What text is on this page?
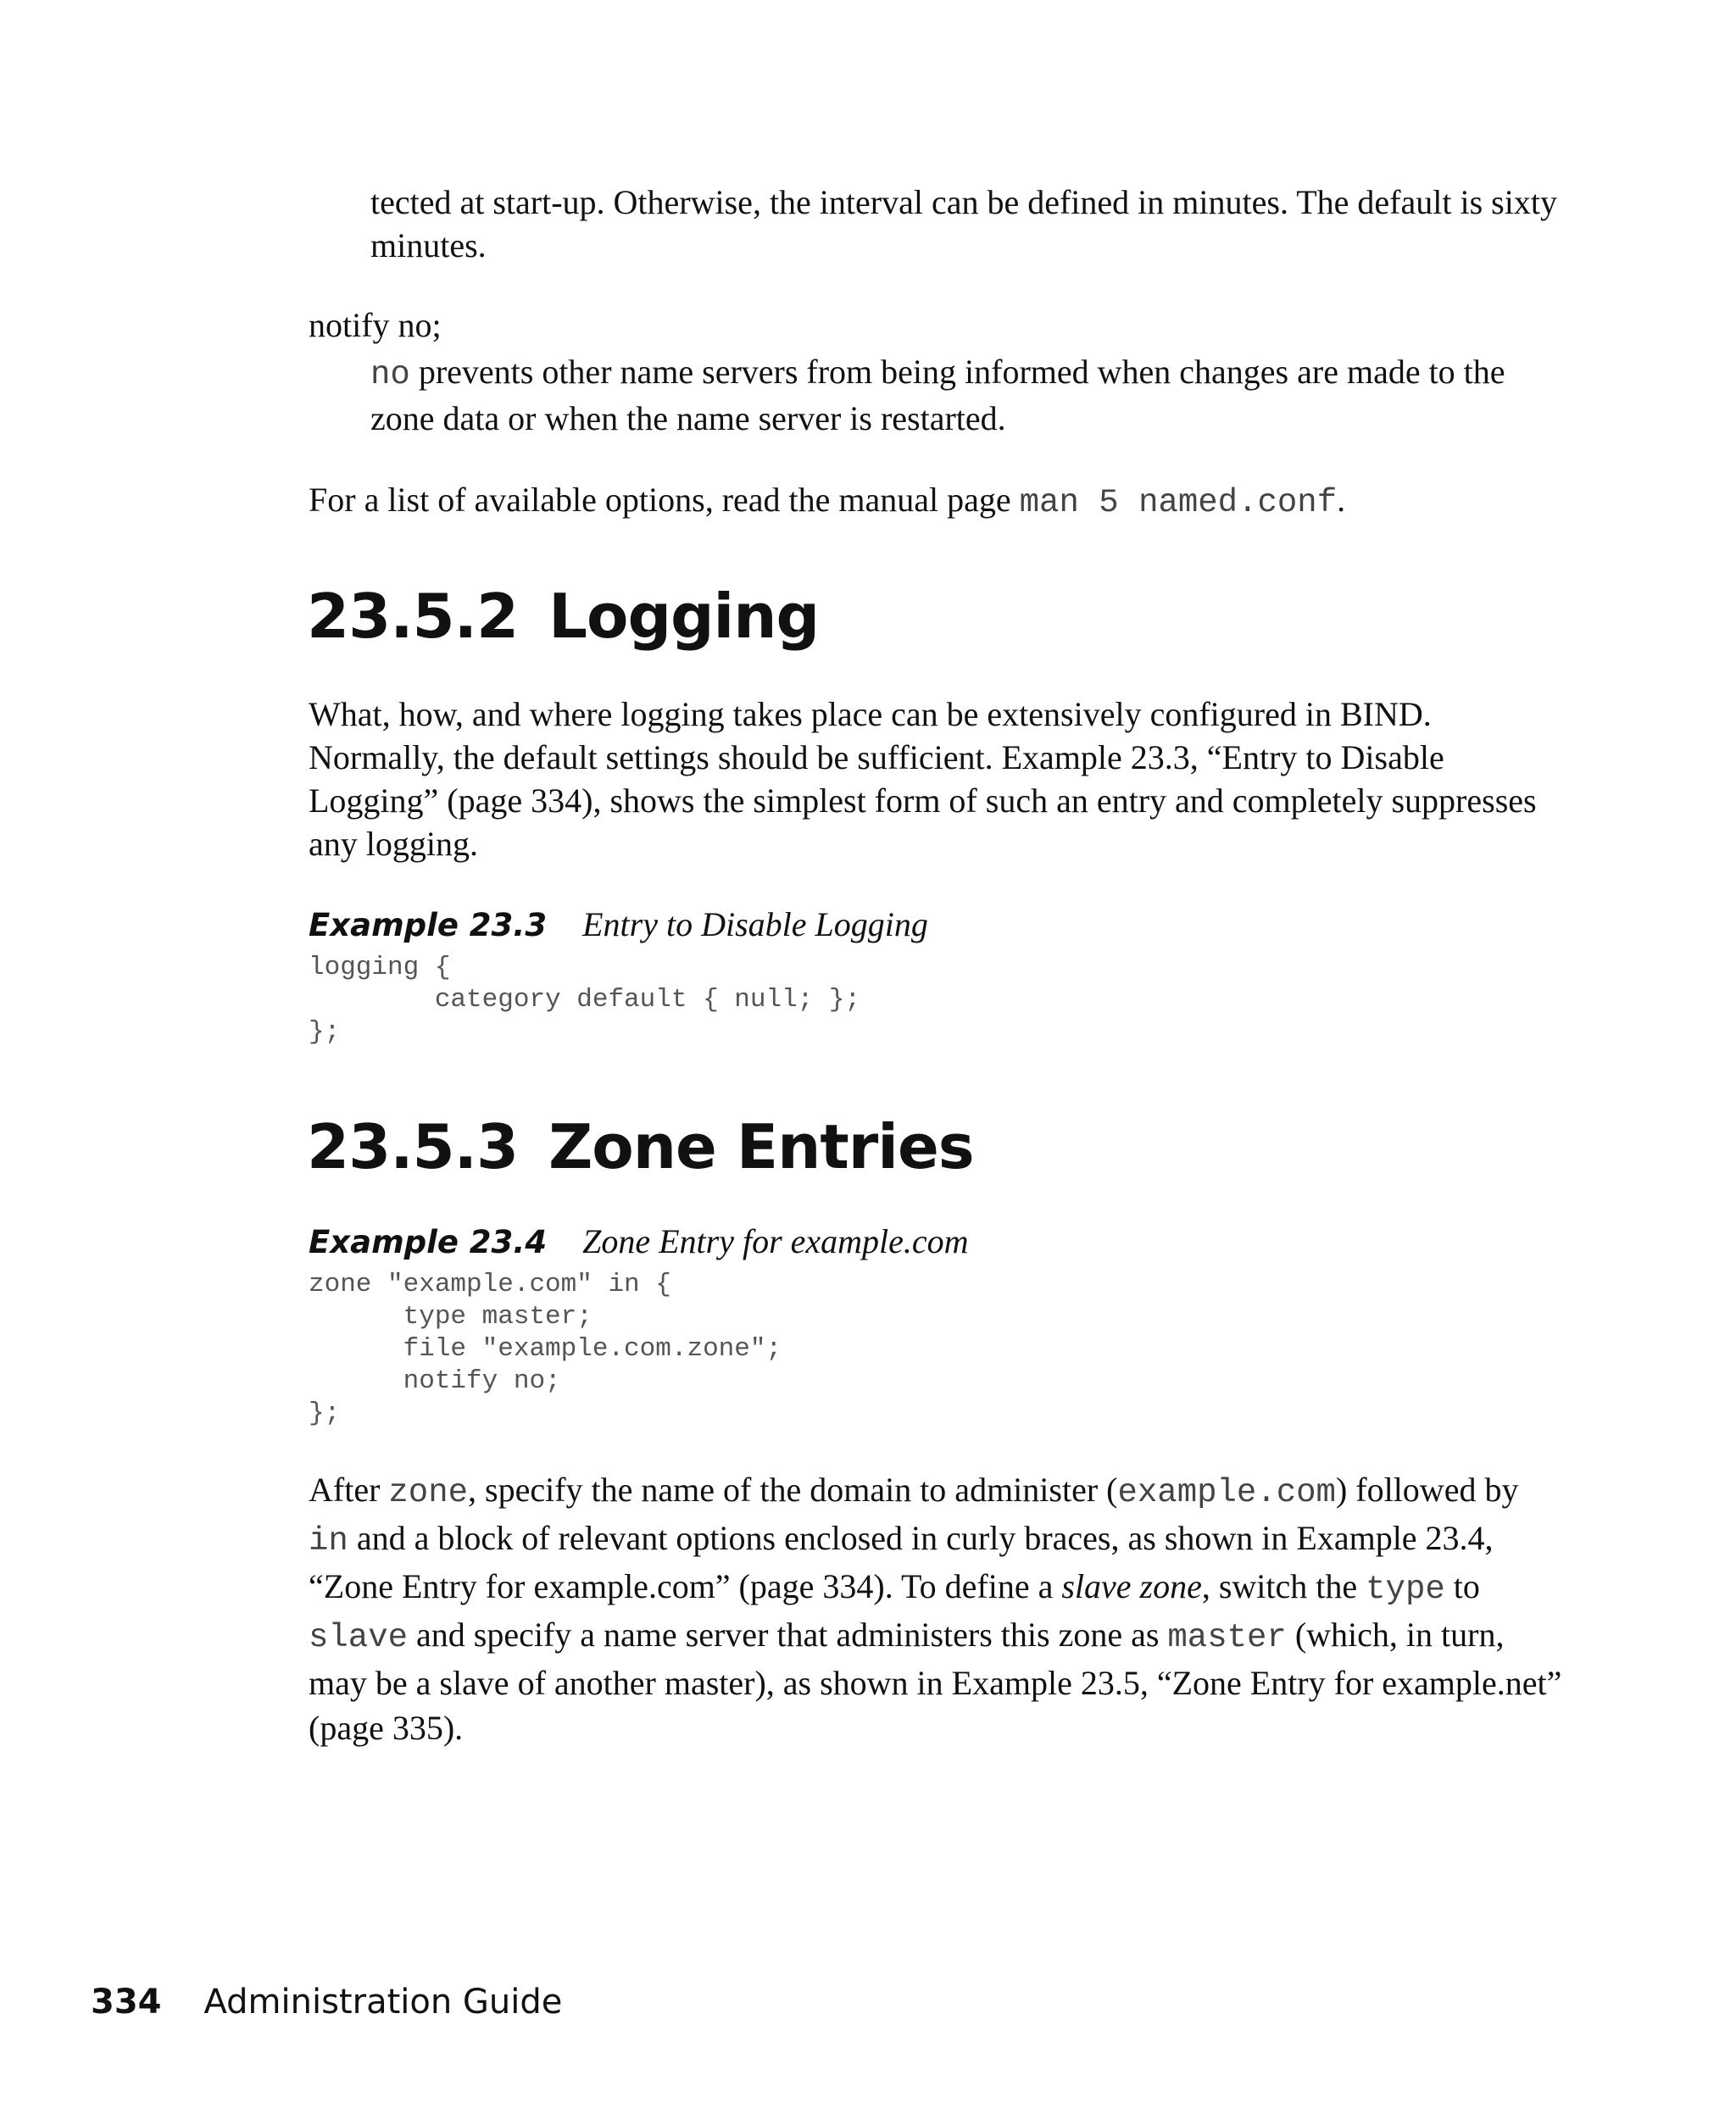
tected at start-up. Otherwise, the interval can be defined in minutes. The default is sixty minutes.

notify no;

no prevents other name servers from being informed when changes are made to the zone data or when the name server is restarted.

For a list of available options, read the manual page man 5 named.conf.

23.5.2 Logging

What, how, and where logging takes place can be extensively configured in BIND. Normally, the default settings should be sufficient. Example 23.3, “Entry to Disable Logging” (page 334), shows the simplest form of such an entry and completely suppresses any logging.

Example 23.3 Entry to Disable Logging
logging {
category default { null; };
};
23.5.3 Zone Entries
Example 23.4 Zone Entry for example.com
zone "example.com" in {
type master;
file "example.com.zone";
notify no;
};

After zone, specify the name of the domain to administer (example.com) followed by in and a block of relevant options enclosed in curly braces, as shown in Example 23.4, “Zone Entry for example.com” (page 334). To define a slave zone, switch the type to slave and specify a name server that administers this zone as master (which, in turn, may be a slave of another master), as shown in Example 23.5, “Zone Entry for example.net” (page 335).

334 Administration Guide
